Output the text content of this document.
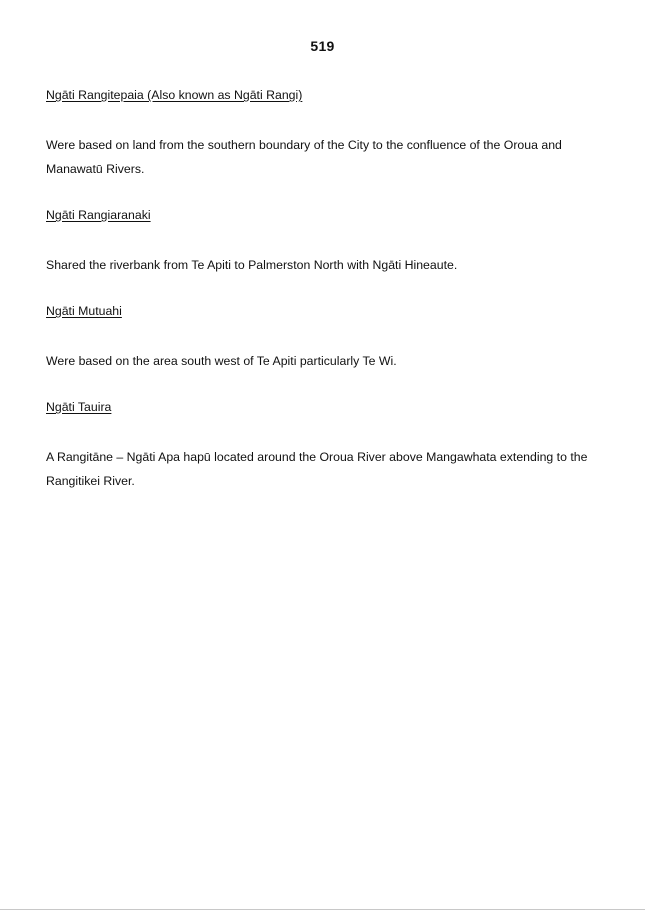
519

Ngāti Rangitepaia (Also known as Ngāti Rangi)

Were based on land from the southern boundary of the City to the confluence of the Oroua and Manawatū Rivers.

Ngāti Rangiaranaki

Shared the riverbank from Te Apiti to Palmerston North with Ngāti Hineaute.

Ngāti Mutuahi

Were based on the area south west of Te Apiti particularly Te Wi.

Ngāti Tauira

A Rangitāne – Ngāti Apa hapū located around the Oroua River above Mangawhata extending to the Rangitikei River.
